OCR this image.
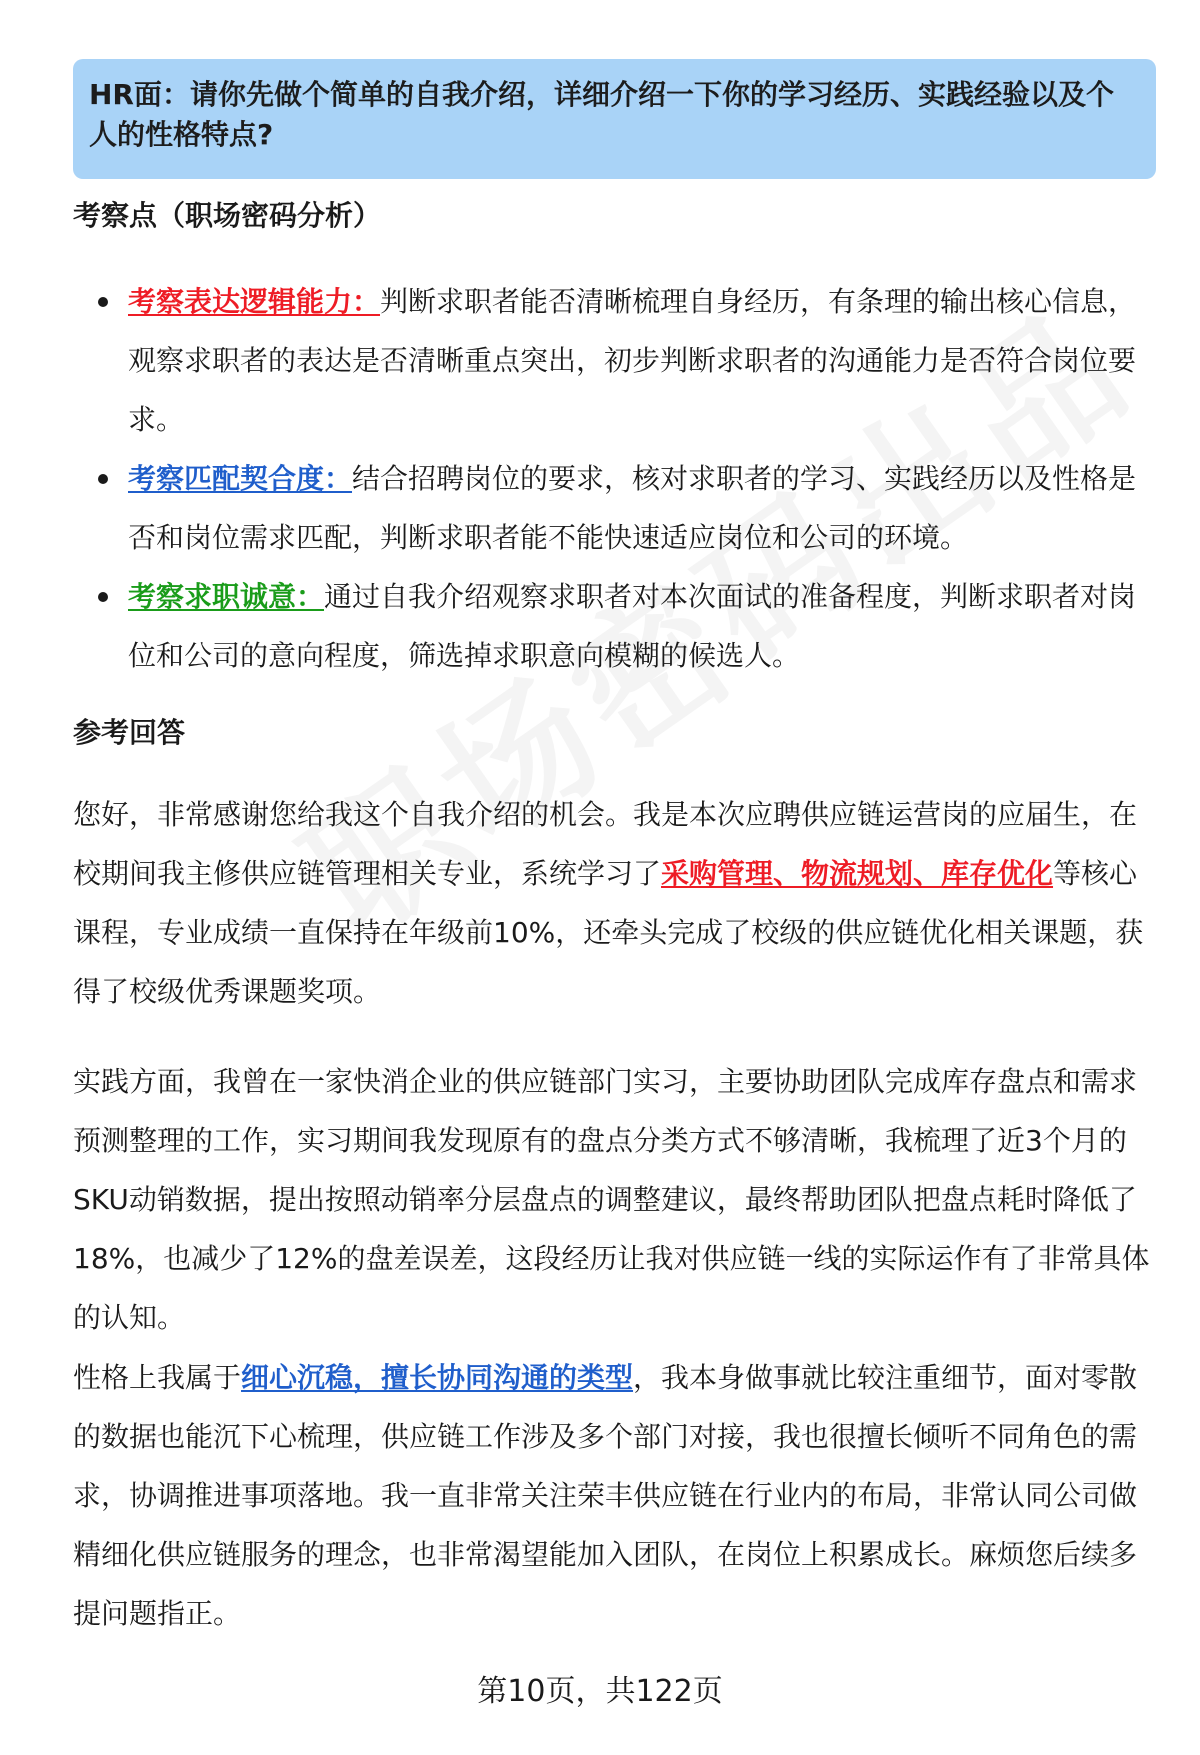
HR面：请你先做个简单的自我介绍，详细介绍一下你的学习经历、实践经验以及个人的性格特点?
考察点（职场密码分析）
考察表达逻辑能力：判断求职者能否清晰梳理自身经历，有条理的输出核心信息，观察求职者的表达是否清晰重点突出，初步判断求职者的沟通能力是否符合岗位要求。
考察匹配契合度：结合招聘岗位的要求，核对求职者的学习、实践经历以及性格是否和岗位需求匹配，判断求职者能不能快速适应岗位和公司的环境。
考察求职诚意：通过自我介绍观察求职者对本次面试的准备程度，判断求职者对岗位和公司的意向程度，筛选掉求职意向模糊的候选人。
参考回答

您好，非常感谢您给我这个自我介绍的机会。我是本次应聘供应链运营岗的应届生，在校期间我主修供应链管理相关专业，系统学习了采购管理、物流规划、库存优化等核心课程，专业成绩一直保持在年级前10%，还牵头完成了校级的供应链优化相关课题，获得了校级优秀课题奖项。

实践方面，我曾在一家快消企业的供应链部门实习，主要协助团队完成库存盘点和需求预测整理的工作，实习期间我发现原有的盘点分类方式不够清晰，我梳理了近3个月的SKU动销数据，提出按照动销率分层盘点的调整建议，最终帮助团队把盘点耗时降低了18%，也减少了12%的盘差误差，这段经历让我对供应链一线的实际运作有了非常具体的认知。

性格上我属于细心沉稳，擅长协同沟通的类型，我本身做事就比较注重细节，面对零散的数据也能沉下心梳理，供应链工作涉及多个部门对接，我也很擅长倾听不同角色的需求，协调推进事项落地。我一直非常关注荣丰供应链在行业内的布局，非常认同公司做精细化供应链服务的理念，也非常渴望能加入团队，在岗位上积累成长。麻烦您后续多提问题指正。

第10页，共122页
